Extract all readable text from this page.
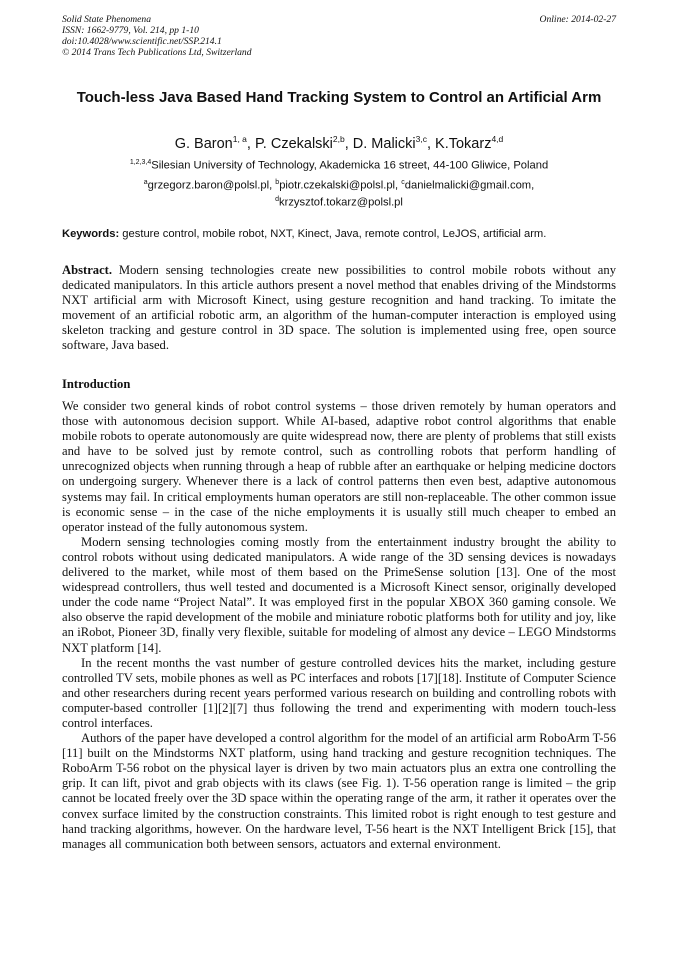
Solid State Phenomena
ISSN: 1662-9779, Vol. 214, pp 1-10
doi:10.4028/www.scientific.net/SSP.214.1
© 2014 Trans Tech Publications Ltd, Switzerland
Online: 2014-02-27
Touch-less Java Based Hand Tracking System to Control an Artificial Arm
G. Baron$^{1, a}$, P. Czekalski$^{2,b}$, D. Malicki$^{3,c}$, K.Tokarz$^{4,d}$
$^{1,2,3,4}$Silesian University of Technology, Akademicka 16 street, 44-100 Gliwice, Poland
$^a$grzegorz.baron@polsl.pl, $^b$piotr.czekalski@polsl.pl, $^c$danielmalicki@gmail.com,
$^d$krzysztof.tokarz@polsl.pl
Keywords: gesture control, mobile robot, NXT, Kinect, Java, remote control, LeJOS, artificial arm.

Abstract. Modern sensing technologies create new possibilities to control mobile robots without any dedicated manipulators. In this article authors present a novel method that enables driving of the Mindstorms NXT artificial arm with Microsoft Kinect, using gesture recognition and hand tracking. To imitate the movement of an artificial robotic arm, an algorithm of the human-computer interaction is employed using skeleton tracking and gesture control in 3D space. The solution is implemented using free, open source software, Java based.

Introduction

We consider two general kinds of robot control systems – those driven remotely by human operators and those with autonomous decision support. While AI-based, adaptive robot control algorithms that enable mobile robots to operate autonomously are quite widespread now, there are plenty of problems that still exists and have to be solved just by remote control, such as controlling robots that perform handling of unrecognized objects when running through a heap of rubble after an earthquake or helping medicine doctors on undergoing surgery. Whenever there is a lack of control patterns then even best, adaptive autonomous systems may fail. In critical employments human operators are still non-replaceable. The other common issue is economic sense – in the case of the niche employments it is usually still much cheaper to embed an operator instead of the fully autonomous system.

Modern sensing technologies coming mostly from the entertainment industry brought the ability to control robots without using dedicated manipulators. A wide range of the 3D sensing devices is nowadays delivered to the market, while most of them based on the PrimeSense solution [13]. One of the most widespread controllers, thus well tested and documented is a Microsoft Kinect sensor, originally developed under the code name “Project Natal”. It was employed first in the popular XBOX 360 gaming console. We also observe the rapid development of the mobile and miniature robotic platforms both for utility and joy, like an iRobot, Pioneer 3D, finally very flexible, suitable for modeling of almost any device – LEGO Mindstorms NXT platform [14].

In the recent months the vast number of gesture controlled devices hits the market, including gesture controlled TV sets, mobile phones as well as PC interfaces and robots [17][18]. Institute of Computer Science and other researchers during recent years performed various research on building and controlling robots with computer-based controller [1][2][7] thus following the trend and experimenting with modern touch-less control interfaces.

Authors of the paper have developed a control algorithm for the model of an artificial arm RoboArm T-56 [11] built on the Mindstorms NXT platform, using hand tracking and gesture recognition techniques. The RoboArm T-56 robot on the physical layer is driven by two main actuators plus an extra one controlling the grip. It can lift, pivot and grab objects with its claws (see Fig. 1). T-56 operation range is limited – the grip cannot be located freely over the 3D space within the operating range of the arm, it rather it operates over the convex surface limited by the construction constraints. This limited robot is right enough to test gesture and hand tracking algorithms, however. On the hardware level, T-56 heart is the NXT Intelligent Brick [15], that manages all communication both between sensors, actuators and external environment.
